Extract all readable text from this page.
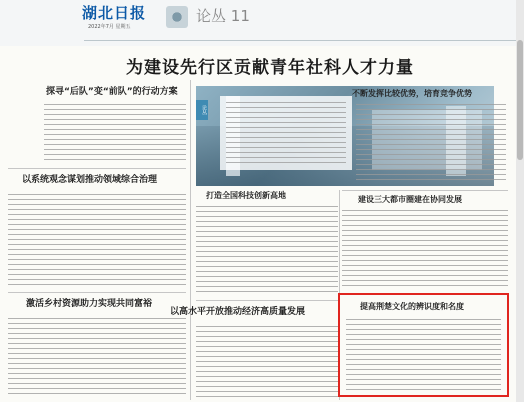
湖北日报
2022年7月 星期五
论丛 11
为建设先行区贡献青年社科人才力量
探寻“后队”变“前队”的行动方案
以系统观念谋划推动领域综合治理
激活乡村资源助力实现共同富裕
论丛
打造全国科技创新高地
以高水平开放推动经济高质量发展
不断发挥比较优势，培育竞争优势
建设三大都市圈建在协同发展
提高荆楚文化的辨识度和名度
